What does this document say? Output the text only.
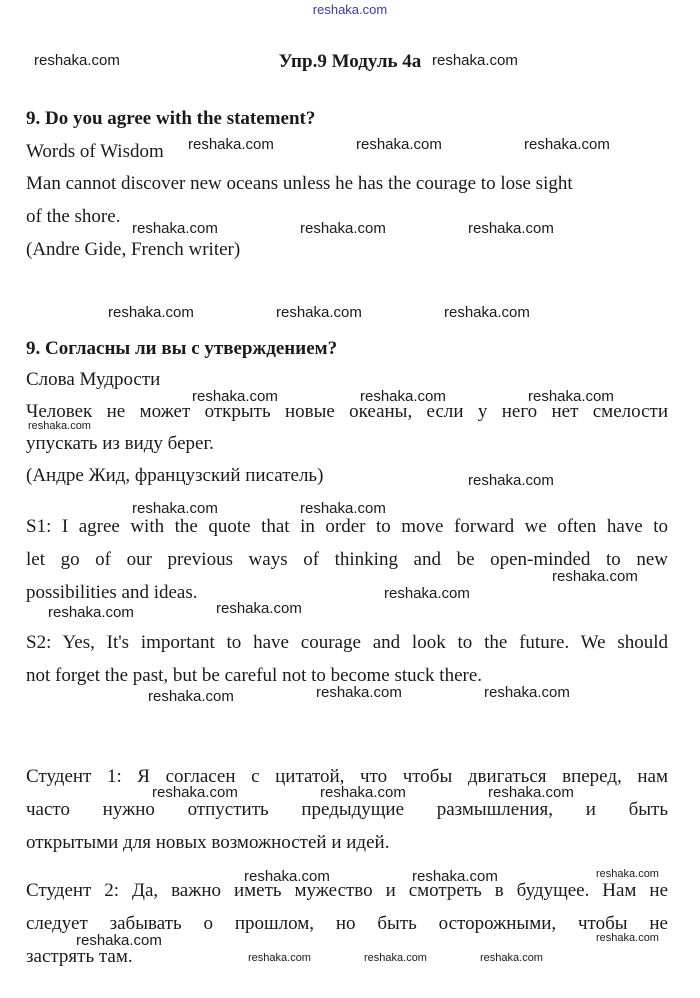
reshaka.com
Упр.9 Модуль 4а
9. Do you agree with the statement?
Words of Wisdom
Man cannot discover new oceans unless he has the courage to lose sight
of the shore.
(Andre Gide, French writer)
9. Согласны ли вы с утверждением?
Слова Мудрости
Человек не может открыть новые океаны, если у него нет смелости
упускать из виду берег.
(Андре Жид, французский писатель)
S1: I agree with the quote that in order to move forward we often have to
let go of our previous ways of thinking and be open-minded to new
possibilities and ideas.
S2: Yes, It's important to have courage and look to the future. We should
not forget the past, but be careful not to become stuck there.
Студент 1: Я согласен с цитатой, что чтобы двигаться вперед, нам
часто нужно отпустить предыдущие размышления, и быть
открытыми для новых возможностей и идей.
Студент 2: Да, важно иметь мужество и смотреть в будущее. Нам не
следует забывать о прошлом, но быть осторожными, чтобы не
застрять там.
reshaka.com	reshaka.com
reshaka.com	reshaka.com	reshaka.com
reshaka.com	reshaka.com	reshaka.com
reshaka.com	reshaka.com	reshaka.com
reshaka.com	reshaka.com	reshaka.com
reshaka.com
reshaka.com
reshaka.com	reshaka.com
reshaka.com
reshaka.com
reshaka.com
reshaka.com
reshaka.com	reshaka.com
reshaka.com
reshaka.com	reshaka.com	reshaka.com
reshaka.com	reshaka.com	reshaka.com
reshaka.com
reshaka.com
reshaka.com	reshaka.com	reshaka.com
